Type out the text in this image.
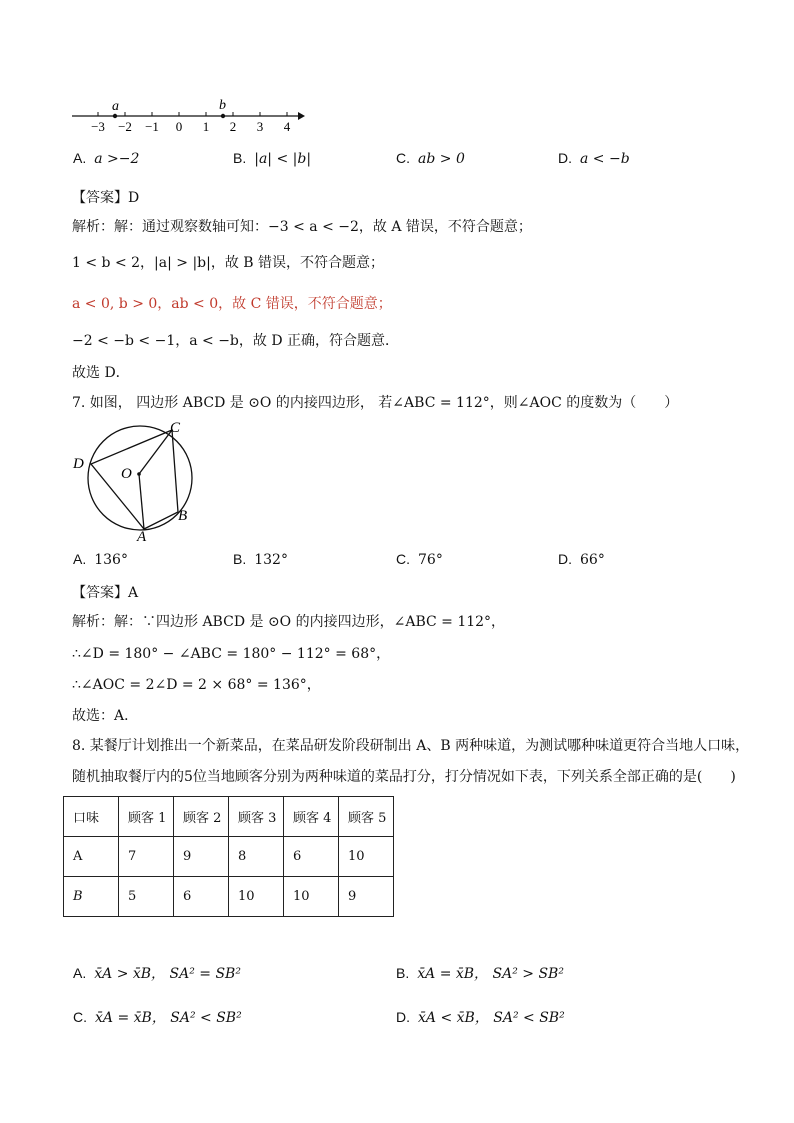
−3 −2 −1 0 1 2 3 4
a	b
A. a >−2	B. |a| < |b|	C. ab > 0	D. a < −b
【答案】D
解析：解：通过观察数轴可知：−3 < a < −2，故 A 错误，不符合题意；
1 < b < 2，|a| > |b|，故 B 错误，不符合题意；
a < 0, b > 0，ab < 0，故 C 错误，不符合题意；
−2 < −b < −1，a < −b，故 D 正确，符合题意．
故选 D．
7. 如图， 四边形 ABCD 是 ⊙O 的内接四边形， 若∠ABC = 112°，则∠AOC 的度数为（　　）
O
C
D
B
A
A. 136°	B. 132°	C. 76°	D. 66°
【答案】A
解析：解：∵四边形 ABCD 是 ⊙O 的内接四边形，∠ABC = 112°，
∴∠D = 180° − ∠ABC = 180° − 112° = 68°，
∴∠AOC = 2∠D = 2 × 68° = 136°，
故选：A．
8. 某餐厅计划推出一个新菜品，在菜品研发阶段研制出 A、B 两种味道，为测试哪种味道更符合当地人口味，
随机抽取餐厅内的5位当地顾客分别为两种味道的菜品打分，打分情况如下表，下列关系全部正确的是(　　)
口味	顾客 1	顾客 2	顾客 3	顾客 4	顾客 5
A	7	9	8	6	10
B	5	6	10	10	9
A. x̄A > x̄B， SA² = SB²	B. x̄A = x̄B， SA² > SB²
C. x̄A = x̄B， SA² < SB²	D. x̄A < x̄B， SA² < SB²
